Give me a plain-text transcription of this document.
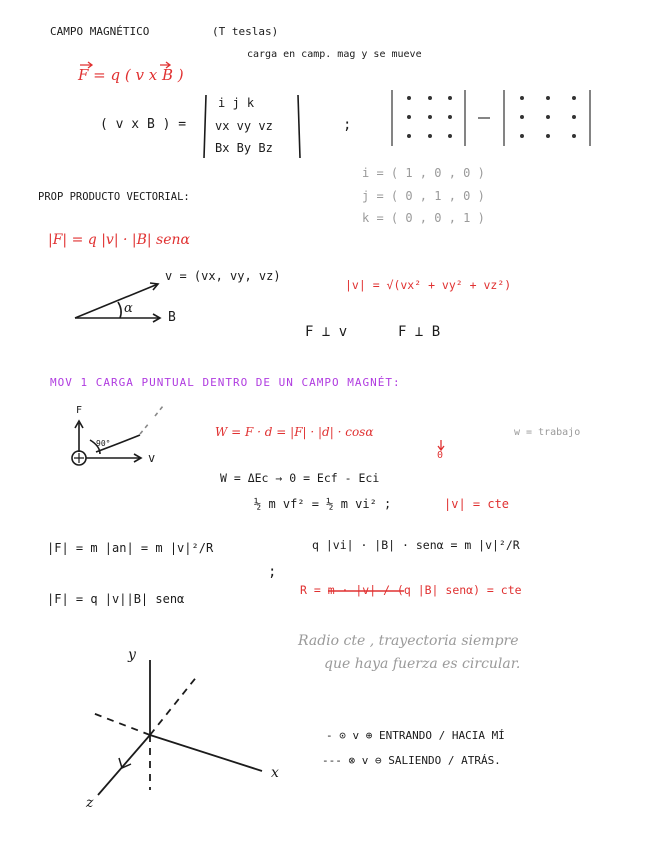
CAMPO MAGNÉTICO	(T teslas)
carga en camp. mag y se mueve
F = q ( v x B )
( v x B ) =
i j k
vx vy vz
Bx By Bz
;
i = ( 1 , 0 , 0 )
j = ( 0 , 1 , 0 )
k = ( 0 , 0 , 1 )
PROP PRODUCTO VECTORIAL:
|F| = q |v| · |B| senα
v = (vx, vy, vz)
α
B
|v| = √(vx² + vy² + vz²)
F ⊥ v	F ⊥ B
MOV 1 CARGA PUNTUAL DENTRO DE UN CAMPO MAGNÉT:
F
90°
v
W = F · d = |F| · |d| · cosα
0
w = trabajo
W = ΔEc → 0 = Ecf - Eci
½ m vf² = ½ m vi² ;	|v| = cte
|F| = m |an| = m |v|²/R	q |vi| · |B| · senα = m |v|²/R
;
|F| = q |v||B| senα
R = m · |v| / (q |B| senα) = cte
Radio cte , trayectoria siempre
que haya fuerza es circular.
y
x
z
- ⊙ v ⊕ ENTRANDO / HACIA MÍ
--- ⊗ v ⊖ SALIENDO / ATRÁS.
